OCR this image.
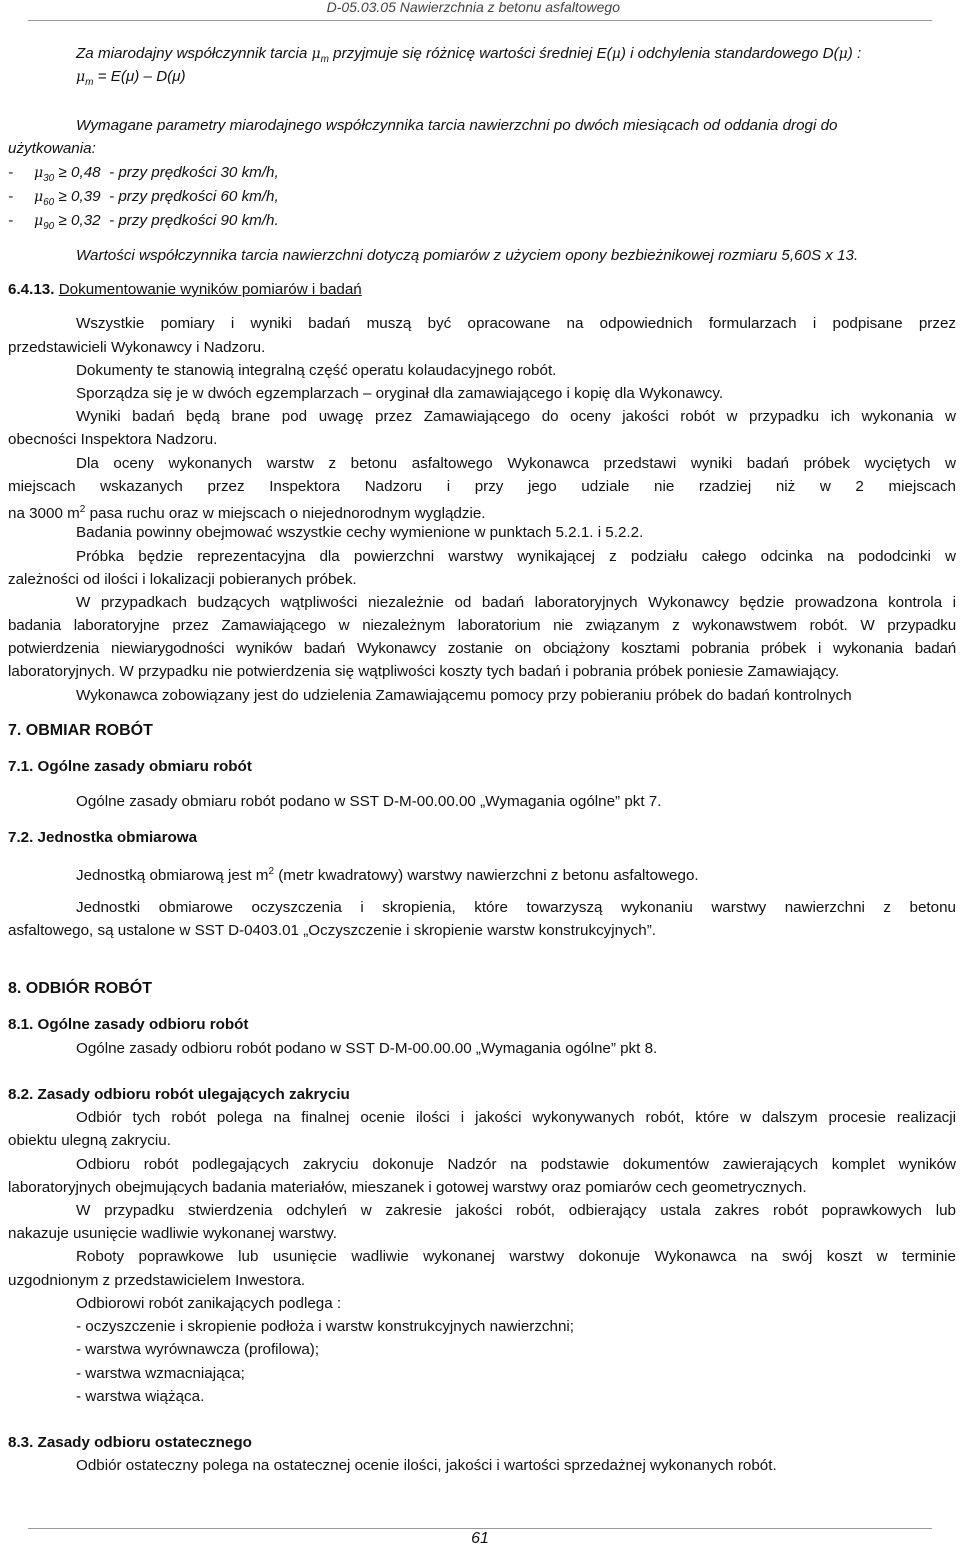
D-05.03.05 Nawierzchnia z betonu asfaltowego
Za miarodajny współczynnik tarcia $\mu_m$ przyjmuje się różnicę wartości średniej E(μ) i odchylenia standardowego D(μ) :
$\mu_m = E(\mu) - D(\mu)$
Wymagane parametry miarodajnego współczynnika tarcia nawierzchni po dwóch miesiącach od oddania drogi do
użytkowania:
- $\mu_{30} \ge 0,48$ - przy prędkości 30 km/h,
- $\mu_{60} \ge 0,39$ - przy prędkości 60 km/h,
- $\mu_{90} \ge 0,32$ - przy prędkości 90 km/h.
Wartości współczynnika tarcia nawierzchni dotyczą pomiarów z użyciem opony bezbieżnikowej rozmiaru 5,60S x 13.
6.4.13. Dokumentowanie wyników pomiarów i badań
Wszystkie pomiary i wyniki badań muszą być opracowane na odpowiednich formularzach i podpisane przez
przedstawicieli Wykonawcy i Nadzoru.
Dokumenty te stanowią integralną część operatu kolaudacyjnego robót.
Sporządza się je w dwóch egzemplarzach – oryginał dla zamawiającego i kopię dla Wykonawcy.
Wyniki badań będą brane pod uwagę przez Zamawiającego do oceny jakości robót w przypadku ich wykonania w
obecności Inspektora Nadzoru.
Dla oceny wykonanych warstw z betonu asfaltowego Wykonawca przedstawi wyniki badań próbek wyciętych w
miejscach wskazanych przez Inspektora Nadzoru i przy jego udziale nie rzadziej niż w 2 miejscach
na 3000 $m^2$ pasa ruchu oraz w miejscach o niejednorodnym wyglądzie.
Badania powinny obejmować wszystkie cechy wymienione w punktach 5.2.1. i 5.2.2.
Próbka będzie reprezentacyjna dla powierzchni warstwy wynikającej z podziału całego odcinka na pododcinki w
zależności od ilości i lokalizacji pobieranych próbek.
W przypadkach budzących wątpliwości niezależnie od badań laboratoryjnych Wykonawcy będzie prowadzona kontrola i
badania laboratoryjne przez Zamawiającego w niezależnym laboratorium nie związanym z wykonawstwem robót. W przypadku
potwierdzenia niewiarygodności wyników badań Wykonawcy zostanie on obciążony kosztami pobrania próbek i wykonania badań
laboratoryjnych. W przypadku nie potwierdzenia się wątpliwości koszty tych badań i pobrania próbek poniesie Zamawiający.
Wykonawca zobowiązany jest do udzielenia Zamawiającemu pomocy przy pobieraniu próbek do badań kontrolnych
7. OBMIAR ROBÓT
7.1. Ogólne zasady obmiaru robót
Ogólne zasady obmiaru robót podano w SST D-M-00.00.00 „Wymagania ogólne” pkt 7.
7.2. Jednostka obmiarowa
Jednostką obmiarową jest $m^2$ (metr kwadratowy) warstwy nawierzchni z betonu asfaltowego.
Jednostki obmiarowe oczyszczenia i skropienia, które towarzyszą wykonaniu warstwy nawierzchni z betonu
asfaltowego, są ustalone w SST D-0403.01 „Oczyszczenie i skropienie warstw konstrukcyjnych”.
8. ODBIÓR ROBÓT
8.1. Ogólne zasady odbioru robót
Ogólne zasady odbioru robót podano w SST D-M-00.00.00 „Wymagania ogólne” pkt 8.
8.2. Zasady odbioru robót ulegających zakryciu
Odbiór tych robót polega na finalnej ocenie ilości i jakości wykonywanych robót, które w dalszym procesie realizacji
obiektu ulegną zakryciu.
Odbioru robót podlegających zakryciu dokonuje Nadzór na podstawie dokumentów zawierających komplet wyników
laboratoryjnych obejmujących badania materiałów, mieszanek i gotowej warstwy oraz pomiarów cech geometrycznych.
W przypadku stwierdzenia odchyleń w zakresie jakości robót, odbierający ustala zakres robót poprawkowych lub
nakazuje usunięcie wadliwie wykonanej warstwy.
Roboty poprawkowe lub usunięcie wadliwie wykonanej warstwy dokonuje Wykonawca na swój koszt w terminie
uzgodnionym z przedstawicielem Inwestora.
Odbiorowi robót zanikających podlega :
- oczyszczenie i skropienie podłoża i warstw konstrukcyjnych nawierzchni;
- warstwa wyrównawcza (profilowa);
- warstwa wzmacniająca;
- warstwa wiążąca.
8.3. Zasady odbioru ostatecznego
Odbiór ostateczny polega na ostatecznej ocenie ilości, jakości i wartości sprzedażnej wykonanych robót.
61
